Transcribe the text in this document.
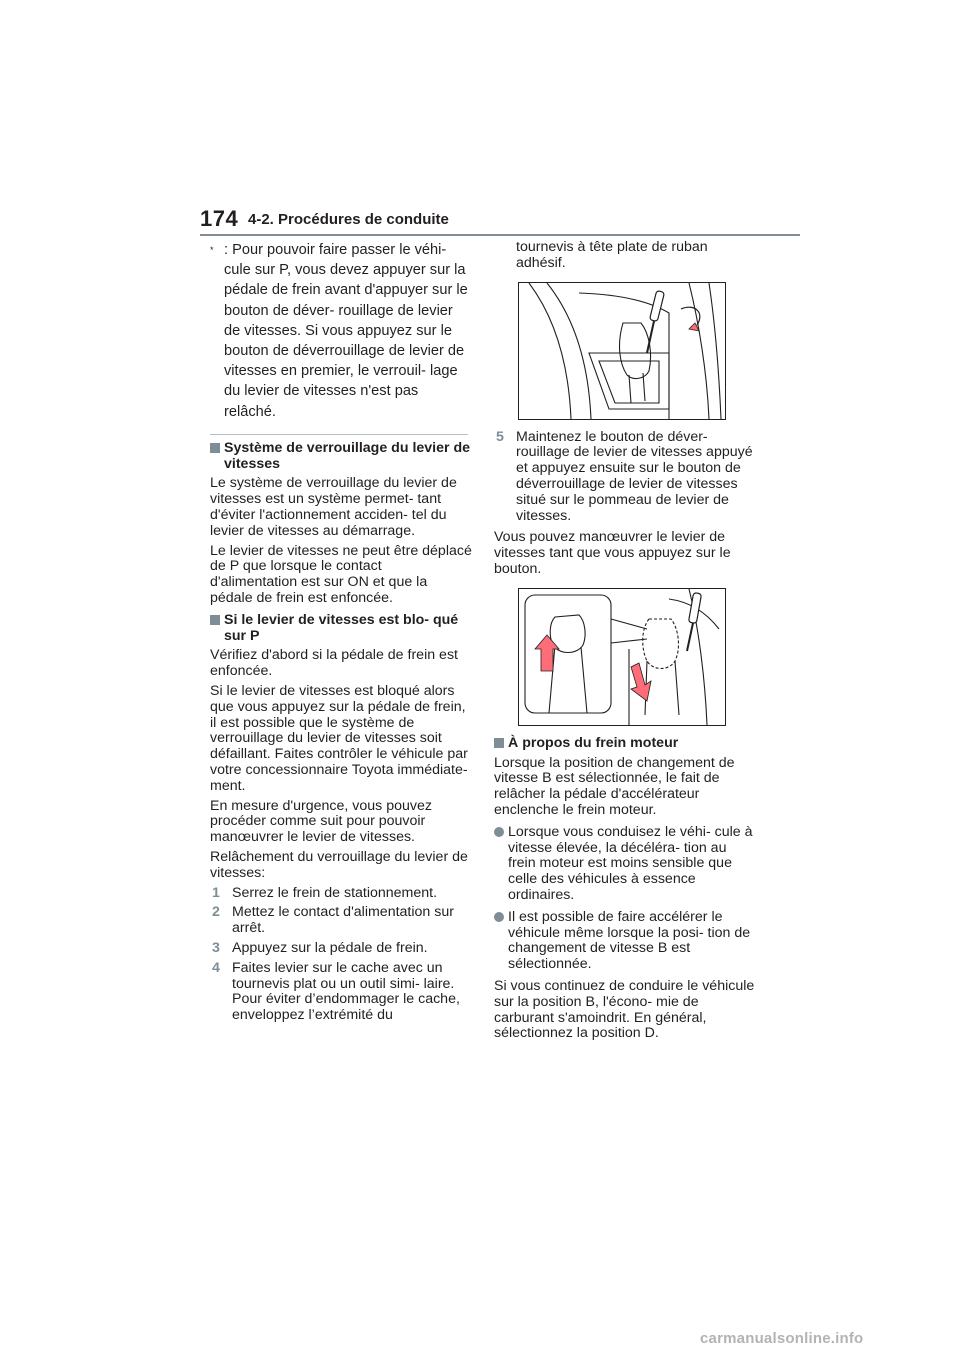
174 4-2. Procédures de conduite
* : Pour pouvoir faire passer le véhi- cule sur P, vous devez appuyer sur la pédale de frein avant d'appuyer sur le bouton de déver- rouillage de levier de vitesses. Si vous appuyez sur le bouton de déverrouillage de levier de vitesses en premier, le verrouil- lage du levier de vitesses n'est pas relâché.
Système de verrouillage du levier de vitesses

Le système de verrouillage du levier de vitesses est un système permet- tant d'éviter l'actionnement acciden- tel du levier de vitesses au démarrage.

Le levier de vitesses ne peut être déplacé de P que lorsque le contact d'alimentation est sur ON et que la pédale de frein est enfoncée.

Si le levier de vitesses est blo- qué sur P

Vérifiez d'abord si la pédale de frein est enfoncée.

Si le levier de vitesses est bloqué alors que vous appuyez sur la pédale de frein, il est possible que le système de verrouillage du levier de vitesses soit défaillant. Faites contrôler le véhicule par votre concessionnaire Toyota immédiate- ment.

En mesure d'urgence, vous pouvez procéder comme suit pour pouvoir manœuvrer le levier de vitesses.

Relâchement du verrouillage du levier de vitesses:

1 Serrez le frein de stationnement.
2 Mettez le contact d'alimentation sur arrêt.
3 Appuyez sur la pédale de frein.
4 Faites levier sur le cache avec un tournevis plat ou un outil simi- laire.
Pour éviter d’endommager le cache, enveloppez l’extrémité du
tournevis à tête plate de ruban adhésif.
5 Maintenez le bouton de déver- rouillage de levier de vitesses appuyé et appuyez ensuite sur le bouton de déverrouillage de levier de vitesses situé sur le pommeau de levier de vitesses.

Vous pouvez manœuvrer le levier de vitesses tant que vous appuyez sur le bouton.

À propos du frein moteur

Lorsque la position de changement de vitesse B est sélectionnée, le fait de relâcher la pédale d'accélérateur enclenche le frein moteur.

Lorsque vous conduisez le véhi- cule à vitesse élevée, la décéléra- tion au frein moteur est moins sensible que celle des véhicules à essence ordinaires.
Il est possible de faire accélérer le véhicule même lorsque la posi- tion de changement de vitesse B est sélectionnée.

Si vous continuez de conduire le véhicule sur la position B, l'écono- mie de carburant s'amoindrit. En général, sélectionnez la position D.

carmanualsonline.info
